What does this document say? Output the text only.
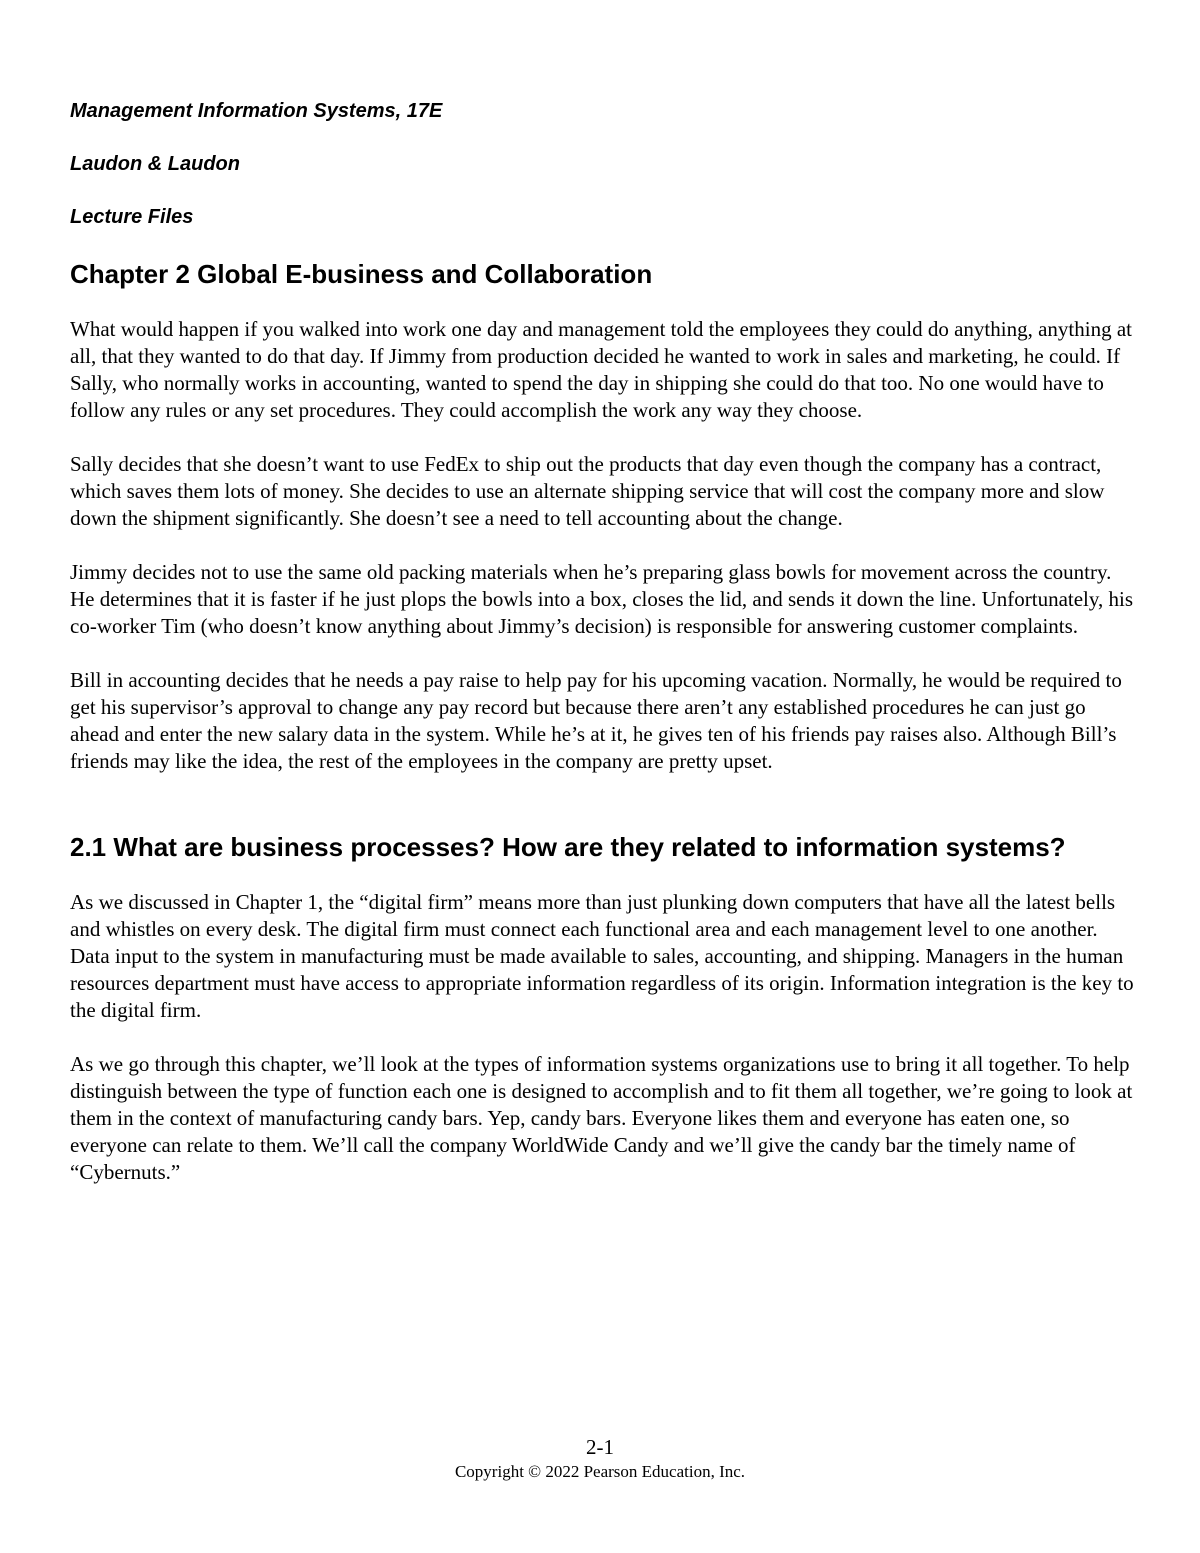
Management Information Systems, 17E
Laudon & Laudon
Lecture Files
Chapter 2 Global E-business and Collaboration

What would happen if you walked into work one day and management told the employees they could do anything, anything at all, that they wanted to do that day. If Jimmy from production decided he wanted to work in sales and marketing, he could. If Sally, who normally works in accounting, wanted to spend the day in shipping she could do that too. No one would have to follow any rules or any set procedures. They could accomplish the work any way they choose.

Sally decides that she doesn’t want to use FedEx to ship out the products that day even though the company has a contract, which saves them lots of money. She decides to use an alternate shipping service that will cost the company more and slow down the shipment significantly. She doesn’t see a need to tell accounting about the change.

Jimmy decides not to use the same old packing materials when he’s preparing glass bowls for movement across the country. He determines that it is faster if he just plops the bowls into a box, closes the lid, and sends it down the line. Unfortunately, his co-worker Tim (who doesn’t know anything about Jimmy’s decision) is responsible for answering customer complaints.

Bill in accounting decides that he needs a pay raise to help pay for his upcoming vacation. Normally, he would be required to get his supervisor’s approval to change any pay record but because there aren’t any established procedures he can just go ahead and enter the new salary data in the system. While he’s at it, he gives ten of his friends pay raises also. Although Bill’s friends may like the idea, the rest of the employees in the company are pretty upset.

2.1 What are business processes? How are they related to information systems?

As we discussed in Chapter 1, the “digital firm” means more than just plunking down computers that have all the latest bells and whistles on every desk. The digital firm must connect each functional area and each management level to one another. Data input to the system in manufacturing must be made available to sales, accounting, and shipping. Managers in the human resources department must have access to appropriate information regardless of its origin. Information integration is the key to the digital firm.

As we go through this chapter, we’ll look at the types of information systems organizations use to bring it all together. To help distinguish between the type of function each one is designed to accomplish and to fit them all together, we’re going to look at them in the context of manufacturing candy bars. Yep, candy bars. Everyone likes them and everyone has eaten one, so everyone can relate to them. We’ll call the company WorldWide Candy and we’ll give the candy bar the timely name of “Cybernuts.”

2-1
Copyright © 2022 Pearson Education, Inc.
